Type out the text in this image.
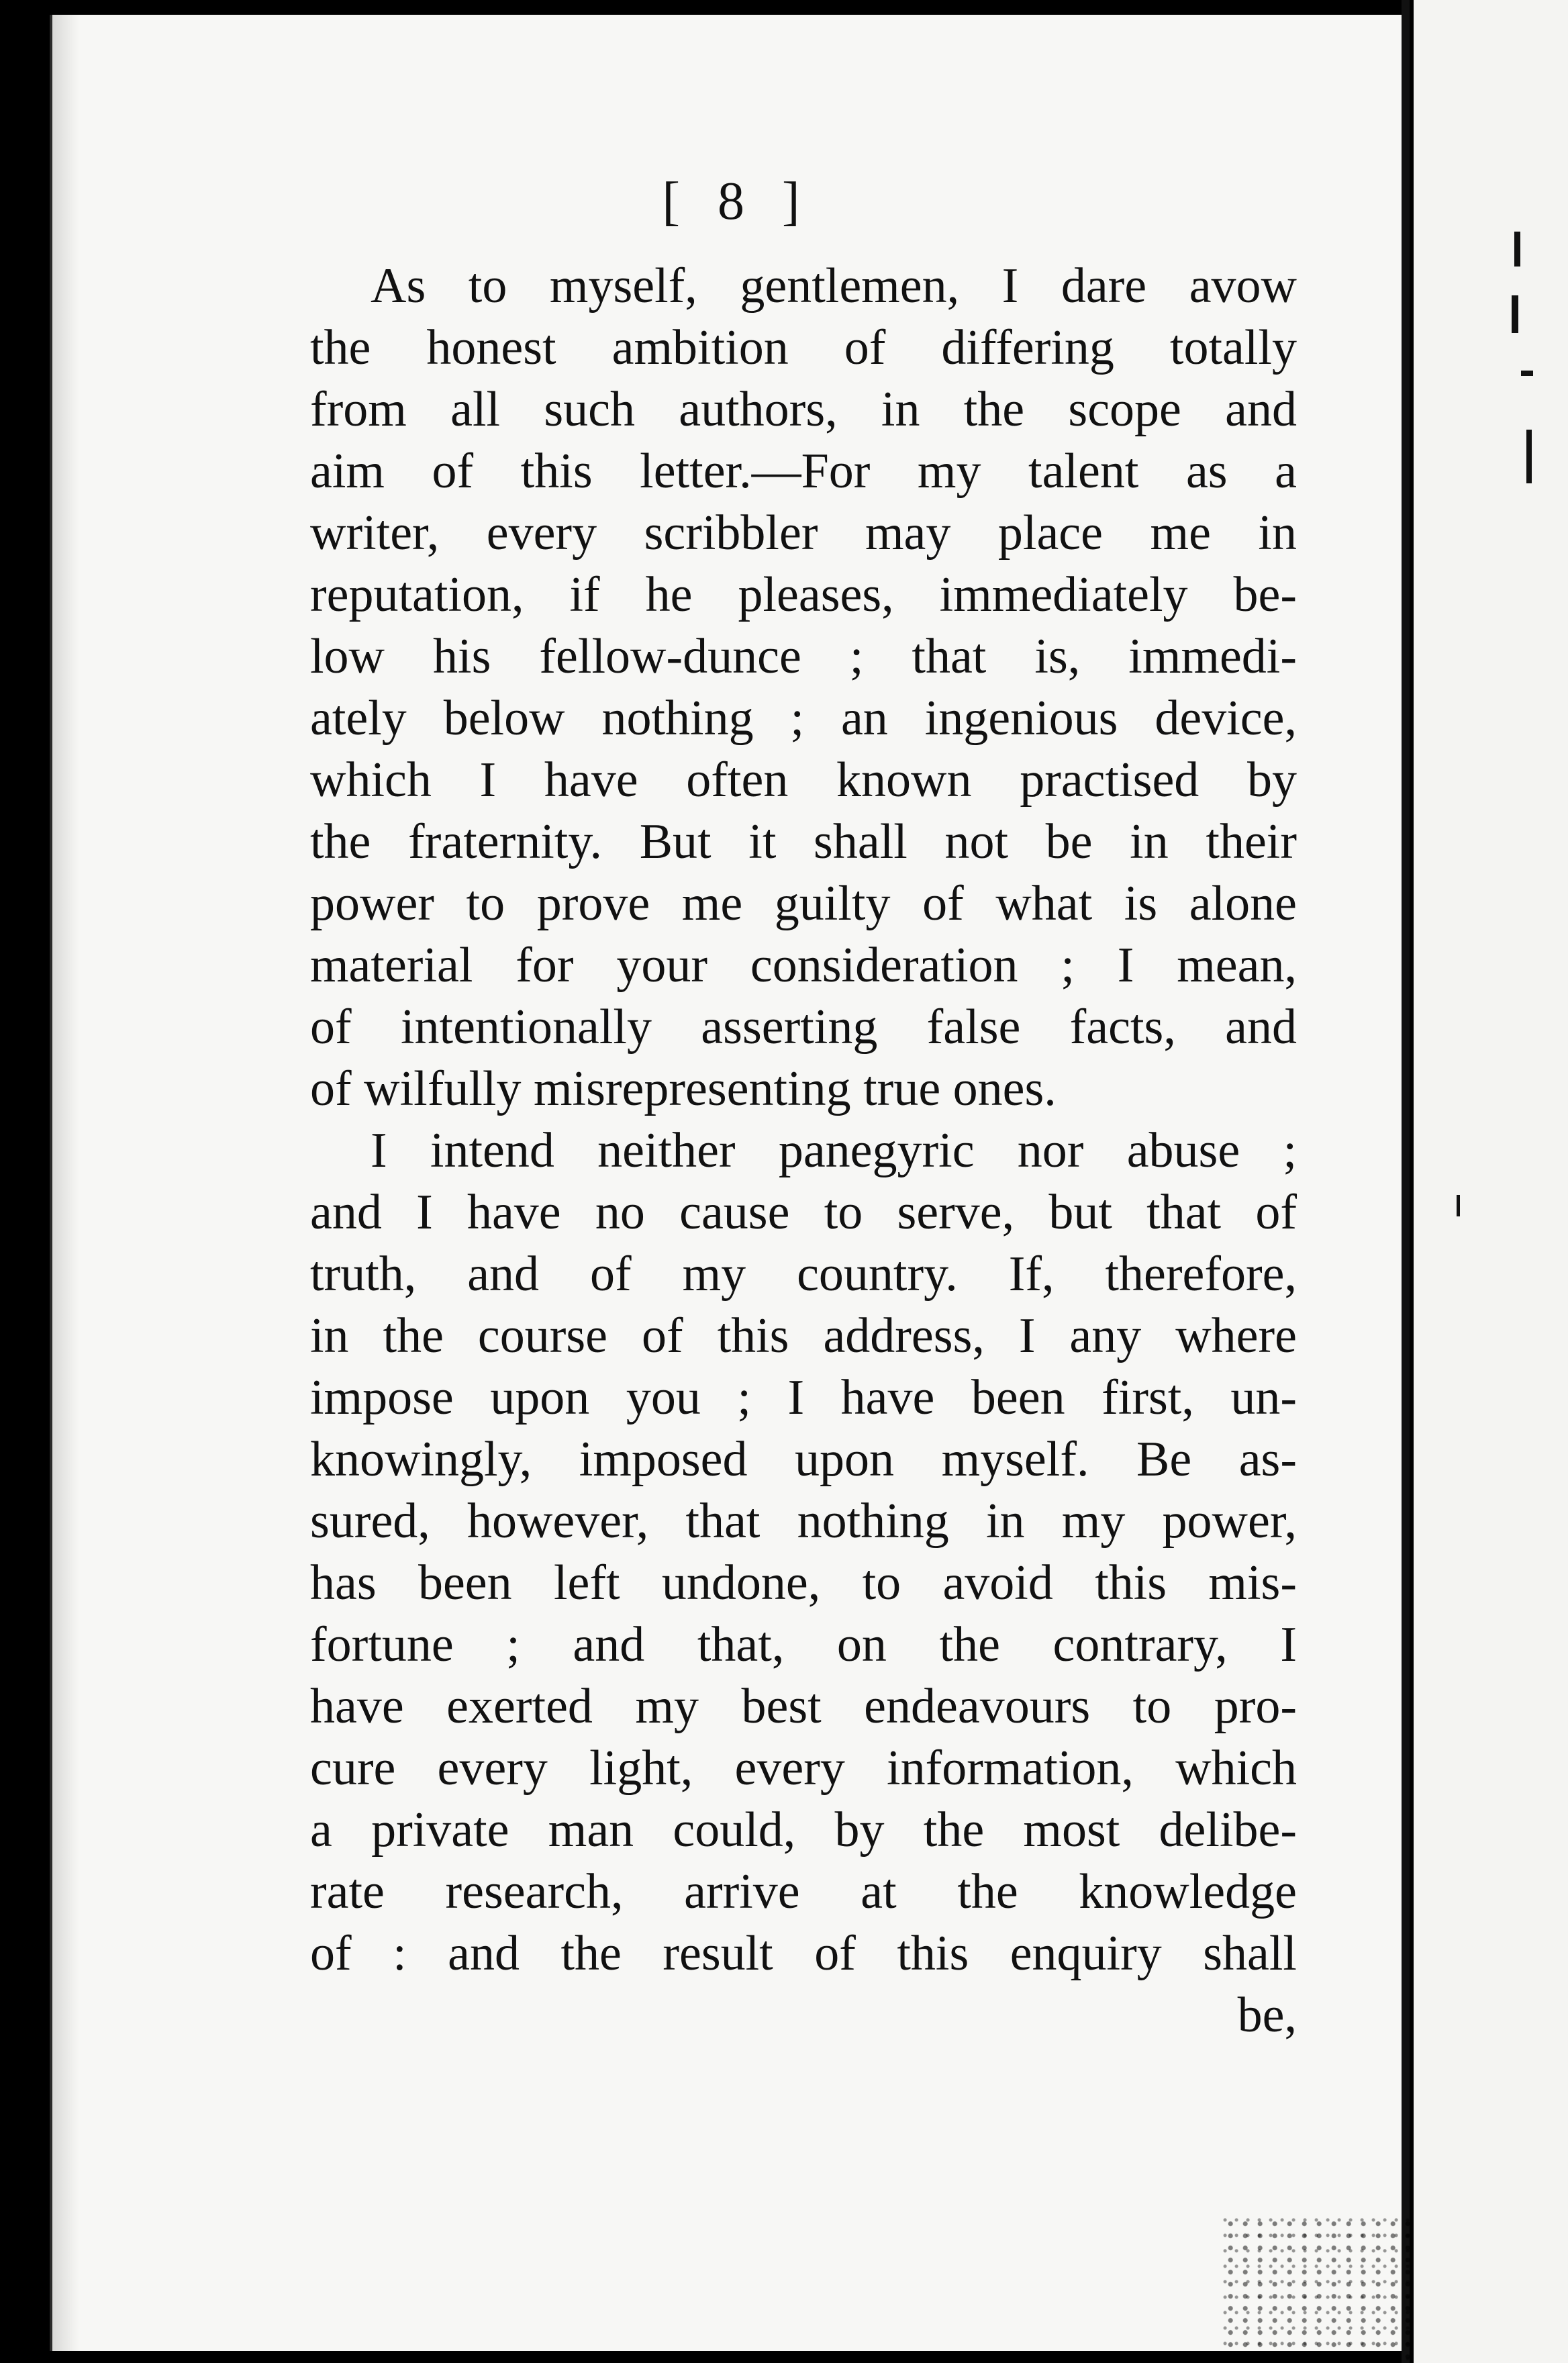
[ 8 ]
As to myself, gentlemen, I dare avow
the honest ambition of differing totally
from all such authors, in the scope and
aim of this letter.—For my talent as a
writer, every scribbler may place me in
reputation, if he pleases, immediately be-
low his fellow-dunce ; that is, immedi-
ately below nothing ; an ingenious device,
which I have often known practised by
the fraternity. But it shall not be in their
power to prove me guilty of what is alone
material for your consideration ; I mean,
of intentionally asserting false facts, and
of wilfully misrepresenting true ones.
I intend neither panegyric nor abuse ;
and I have no cause to serve, but that of
truth, and of my country. If, therefore,
in the course of this address, I any where
impose upon you ; I have been first, un-
knowingly, imposed upon myself. Be as-
sured, however, that nothing in my power,
has been left undone, to avoid this mis-
fortune ; and that, on the contrary, I
have exerted my best endeavours to pro-
cure every light, every information, which
a private man could, by the most delibe-
rate research, arrive at the knowledge
of : and the result of this enquiry shall
be,
